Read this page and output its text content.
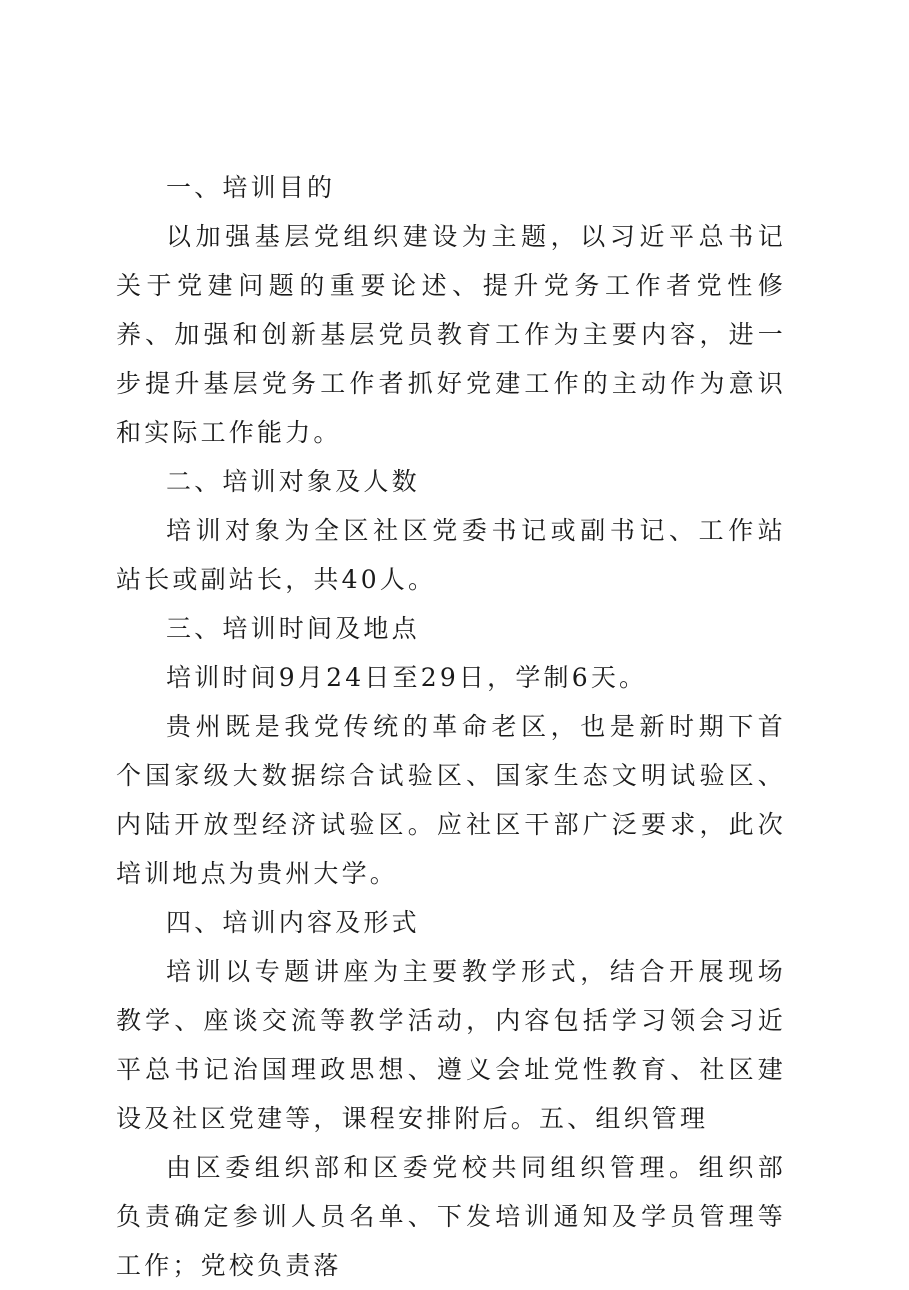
一、培训目的

以加强基层党组织建设为主题，以习近平总书记关于党建问题的重要论述、提升党务工作者党性修养、加强和创新基层党员教育工作为主要内容，进一步提升基层党务工作者抓好党建工作的主动作为意识和实际工作能力。

二、培训对象及人数

培训对象为全区社区党委书记或副书记、工作站站长或副站长，共40人。

三、培训时间及地点

培训时间9月24日至29日，学制6天。

贵州既是我党传统的革命老区，也是新时期下首个国家级大数据综合试验区、国家生态文明试验区、内陆开放型经济试验区。应社区干部广泛要求，此次培训地点为贵州大学。

四、培训内容及形式

培训以专题讲座为主要教学形式，结合开展现场教学、座谈交流等教学活动，内容包括学习领会习近平总书记治国理政思想、遵义会址党性教育、社区建设及社区党建等，课程安排附后。五、组织管理

由区委组织部和区委党校共同组织管理。组织部负责确定参训人员名单、下发培训通知及学员管理等工作；党校负责落
